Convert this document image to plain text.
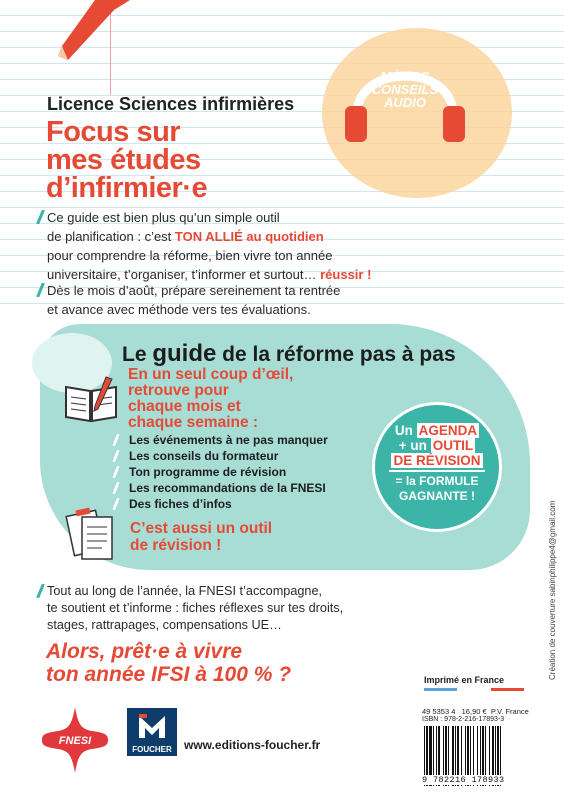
MÉMOS
CONSEILS
AUDIO
Licence Sciences infirmières
Focus sur
mes études
d’infirmier·e
Ce guide est bien plus qu’un simple outil
de planification : c’est TON ALLIÉ au quotidien
pour comprendre la réforme, bien vivre ton année
universitaire, t’organiser, t’informer et surtout… réussir !
Dès le mois d’août, prépare sereinement ta rentrée
et avance avec méthode vers tes évaluations.
Le guide de la réforme pas à pas
En un seul coup d’œil,
retrouve pour
chaque mois et
chaque semaine :
Les événements à ne pas manquer
Les conseils du formateur
Ton programme de révision
Les recommandations de la FNESI
Des fiches d’infos
C’est aussi un outil
de révision !
Un AGENDA
+ un OUTIL
DE RÉVISION
= la FORMULE
GAGNANTE !
Tout au long de l’année, la FNESI t’accompagne,
te soutient et t’informe : fiches réflexes sur tes droits,
stages, rattrapages, compensations UE…
Alors, prêt·e à vivre
ton année IFSI à 100 % ?	Création de couverture sabinphilippe4@gmail.com
Imprimé en France
49 5353 4 16,90 € P.V. France
ISBN : 978-2-216-17893-3
9 782216 178933
FNESI
FOUCHER	www.editions-foucher.fr
